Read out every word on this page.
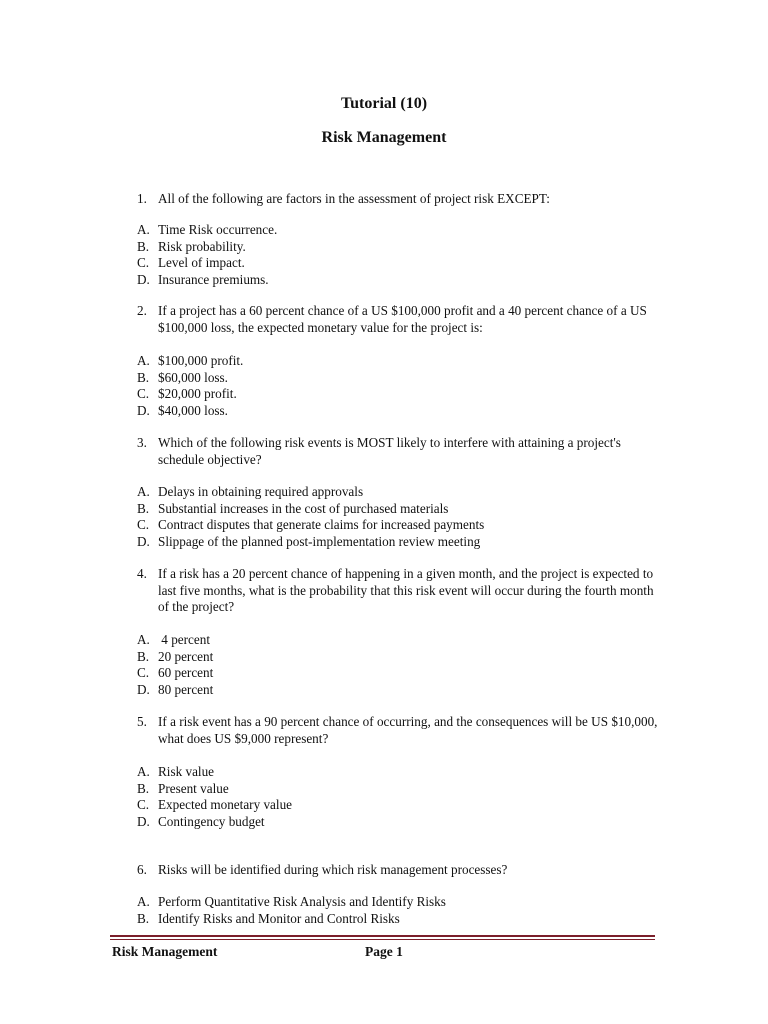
Tutorial (10)
Risk Management
1. All of the following are factors in the assessment of project risk EXCEPT:
A. Time Risk occurrence.
B. Risk probability.
C. Level of impact.
D. Insurance premiums.
2. If a project has a 60 percent chance of a US $100,000 profit and a 40 percent chance of a US $100,000 loss, the expected monetary value for the project is:
A. $100,000 profit.
B. $60,000 loss.
C. $20,000 profit.
D. $40,000 loss.
3. Which of the following risk events is MOST likely to interfere with attaining a project's schedule objective?
A. Delays in obtaining required approvals
B. Substantial increases in the cost of purchased materials
C. Contract disputes that generate claims for increased payments
D. Slippage of the planned post-implementation review meeting
4. If a risk has a 20 percent chance of happening in a given month, and the project is expected to last five months, what is the probability that this risk event will occur during the fourth month of the project?
A. 4 percent
B. 20 percent
C. 60 percent
D. 80 percent
5. If a risk event has a 90 percent chance of occurring, and the consequences will be US $10,000, what does US $9,000 represent?
A. Risk value
B. Present value
C. Expected monetary value
D. Contingency budget
6. Risks will be identified during which risk management processes?
A. Perform Quantitative Risk Analysis and Identify Risks
B. Identify Risks and Monitor and Control Risks
Risk Management	Page 1
